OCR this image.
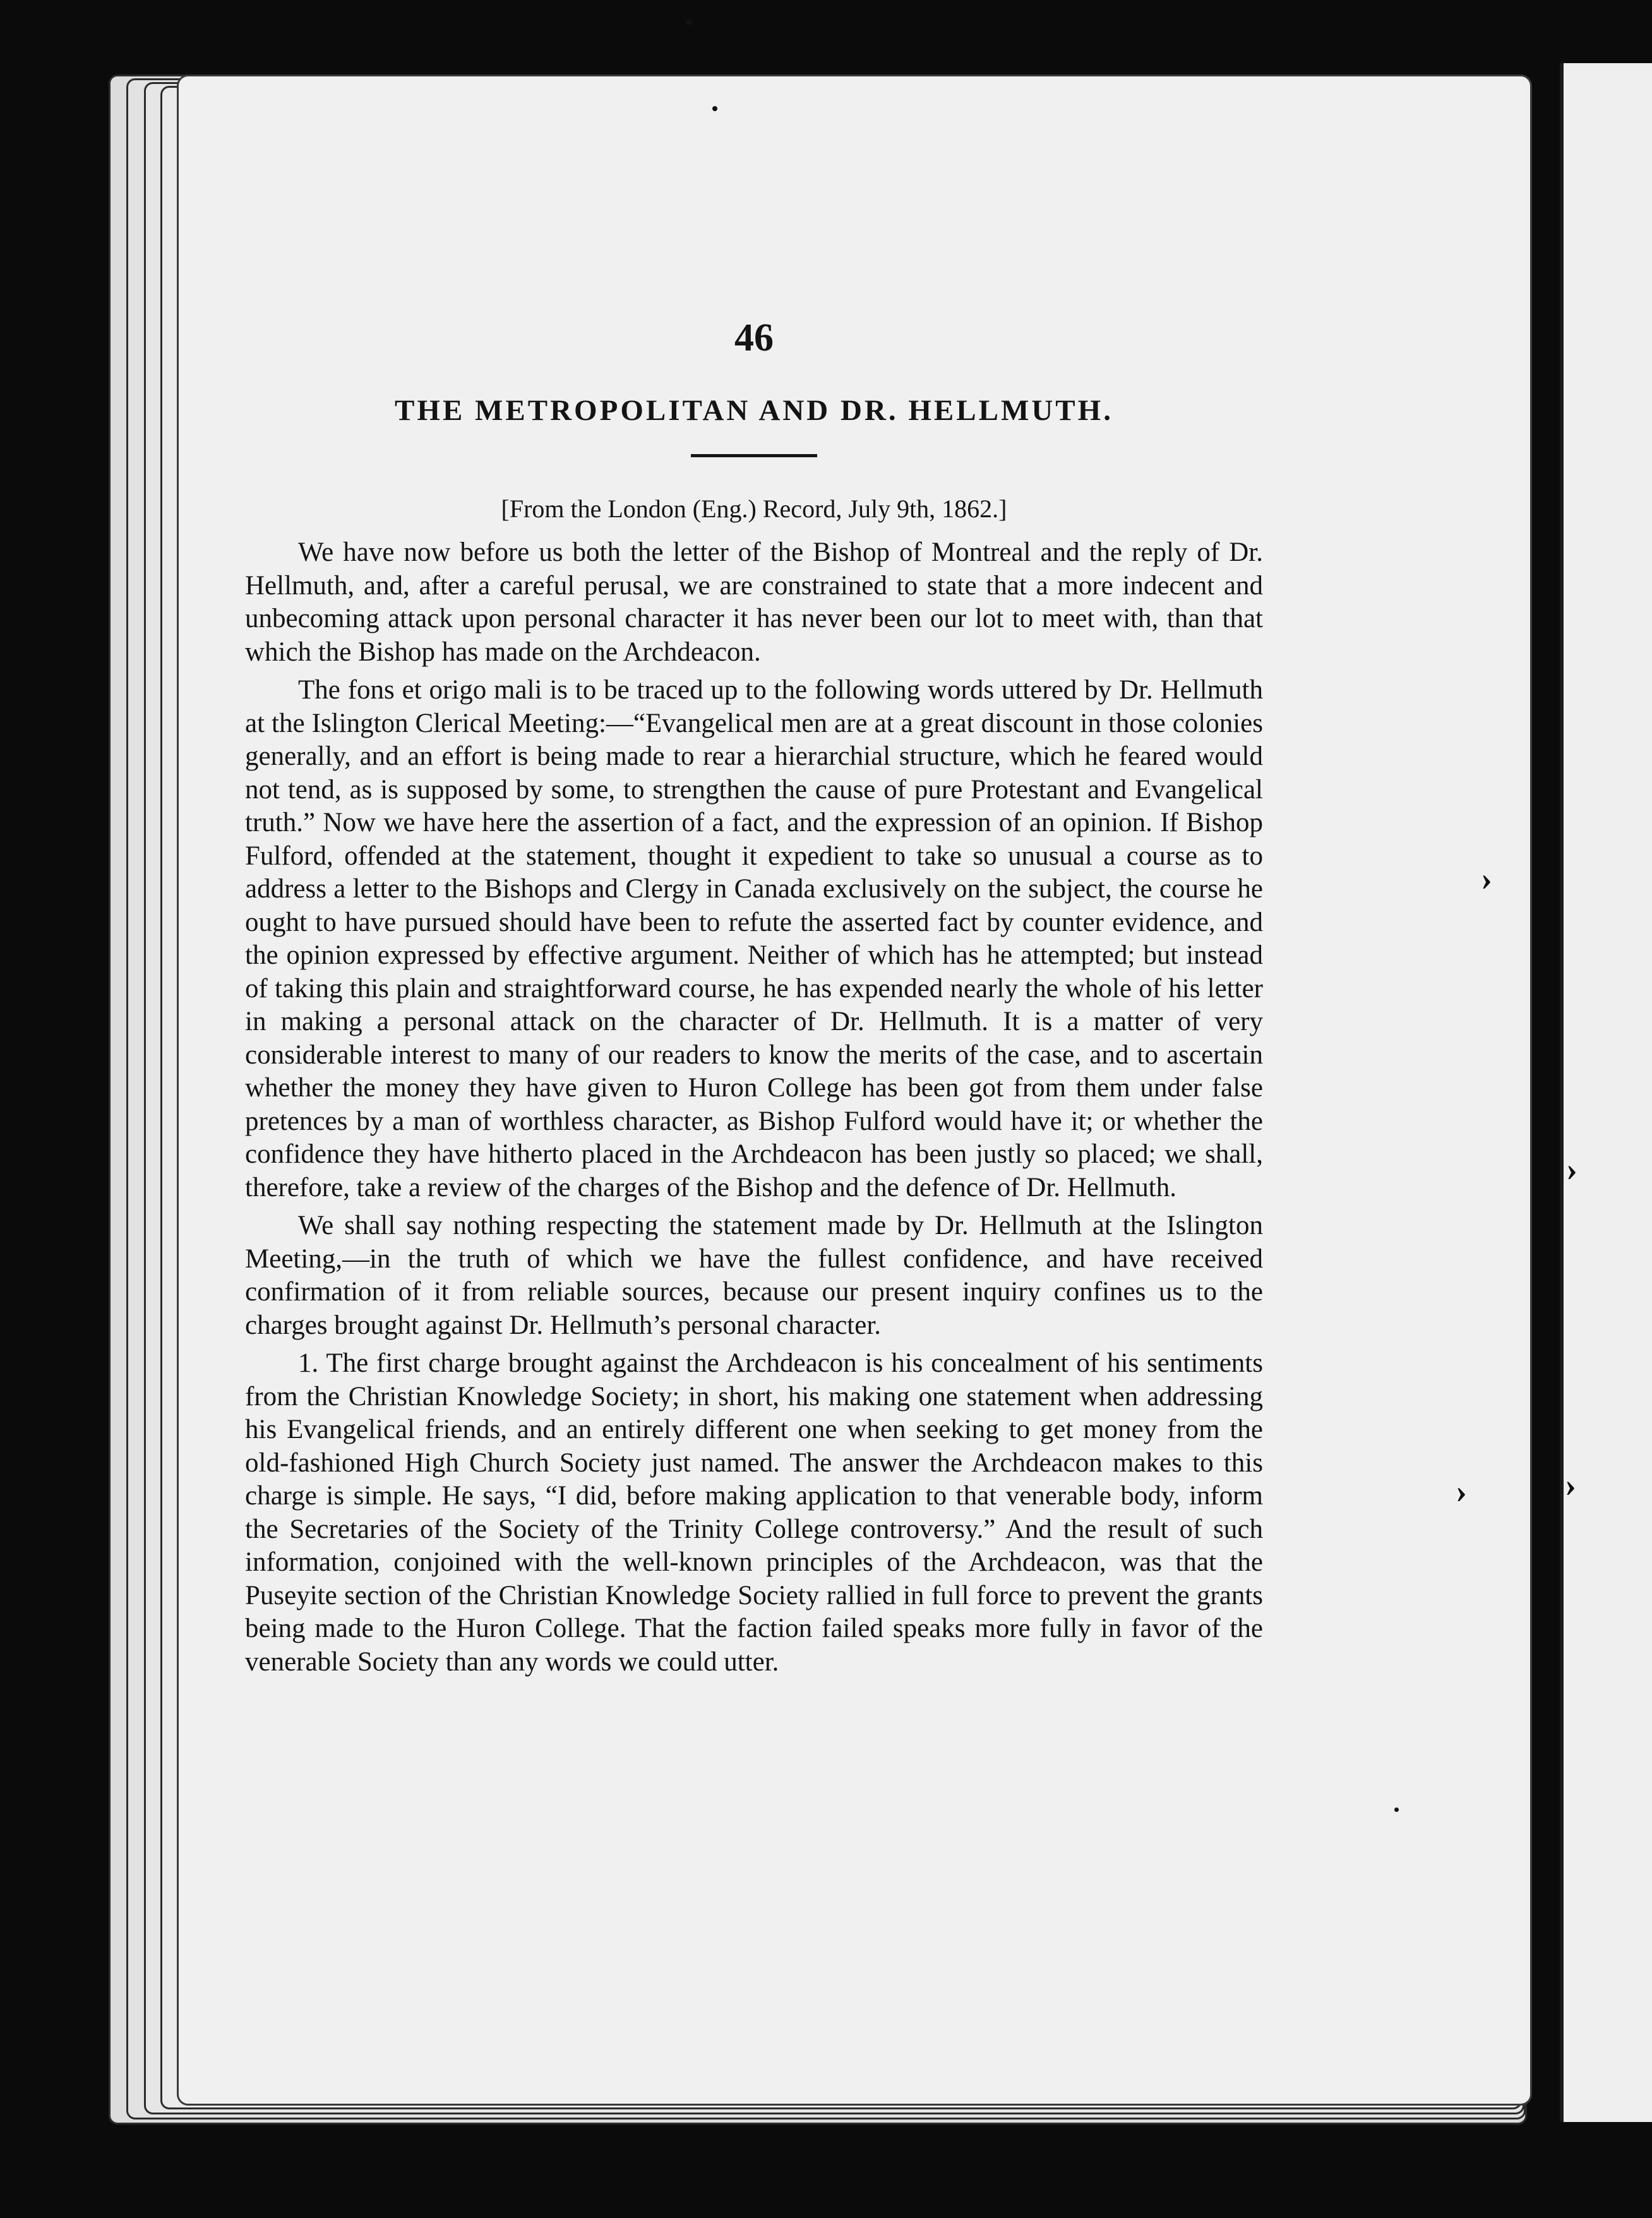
›
›
›	›
46
THE METROPOLITAN AND DR. HELLMUTH.
[From the London (Eng.) Record, July 9th, 1862.]

We have now before us both the letter of the Bishop of Montreal and the reply of Dr. Hellmuth, and, after a careful perusal, we are constrained to state that a more indecent and unbecoming attack upon personal character it has never been our lot to meet with, than that which the Bishop has made on the Archdeacon.

The fons et origo mali is to be traced up to the following words uttered by Dr. Hellmuth at the Islington Clerical Meeting:—“Evangelical men are at a great discount in those colonies generally, and an effort is being made to rear a hierarchial structure, which he feared would not tend, as is supposed by some, to strengthen the cause of pure Protestant and Evangelical truth.” Now we have here the assertion of a fact, and the expression of an opinion. If Bishop Fulford, offended at the statement, thought it expedient to take so unusual a course as to address a letter to the Bishops and Clergy in Canada exclusively on the subject, the course he ought to have pursued should have been to refute the asserted fact by counter evidence, and the opinion expressed by effective argument. Neither of which has he attempted; but instead of taking this plain and straightforward course, he has expended nearly the whole of his letter in making a personal attack on the character of Dr. Hellmuth. It is a matter of very considerable interest to many of our readers to know the merits of the case, and to ascertain whether the money they have given to Huron College has been got from them under false pretences by a man of worthless character, as Bishop Fulford would have it; or whether the confidence they have hitherto placed in the Archdeacon has been justly so placed; we shall, therefore, take a review of the charges of the Bishop and the defence of Dr. Hellmuth.

We shall say nothing respecting the statement made by Dr. Hellmuth at the Islington Meeting,—in the truth of which we have the fullest confidence, and have received confirmation of it from reliable sources, because our present inquiry confines us to the charges brought against Dr. Hellmuth’s personal character.

1. The first charge brought against the Archdeacon is his concealment of his sentiments from the Christian Knowledge Society; in short, his making one statement when addressing his Evangelical friends, and an entirely different one when seeking to get money from the old-fashioned High Church Society just named. The answer the Archdeacon makes to this charge is simple. He says, “I did, before making application to that venerable body, inform the Secretaries of the Society of the Trinity College controversy.” And the result of such information, conjoined with the well-known principles of the Archdeacon, was that the Puseyite section of the Christian Knowledge Society rallied in full force to prevent the grants being made to the Huron College. That the faction failed speaks more fully in favor of the venerable Society than any words we could utter.
